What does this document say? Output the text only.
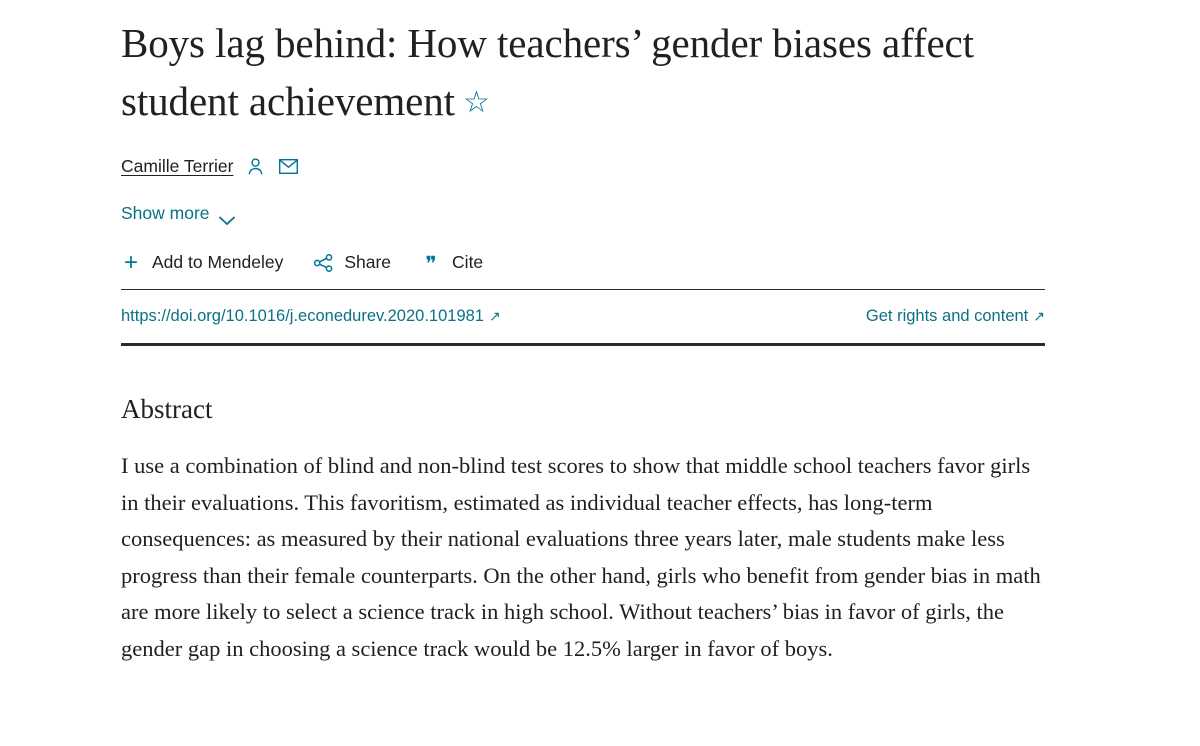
Boys lag behind: How teachers’ gender biases affect student achievement ☆
Camille Terrier
Show more
+ Add to Mendeley	Share ❞ Cite
https://doi.org/10.1016/j.econedurev.2020.101981 ↗	Get rights and content ↗
Abstract

I use a combination of blind and non-blind test scores to show that middle school teachers favor girls in their evaluations. This favoritism, estimated as individual teacher effects, has long-term consequences: as measured by their national evaluations three years later, male students make less progress than their female counterparts. On the other hand, girls who benefit from gender bias in math are more likely to select a science track in high school. Without teachers’ bias in favor of girls, the gender gap in choosing a science track would be 12.5% larger in favor of boys.
